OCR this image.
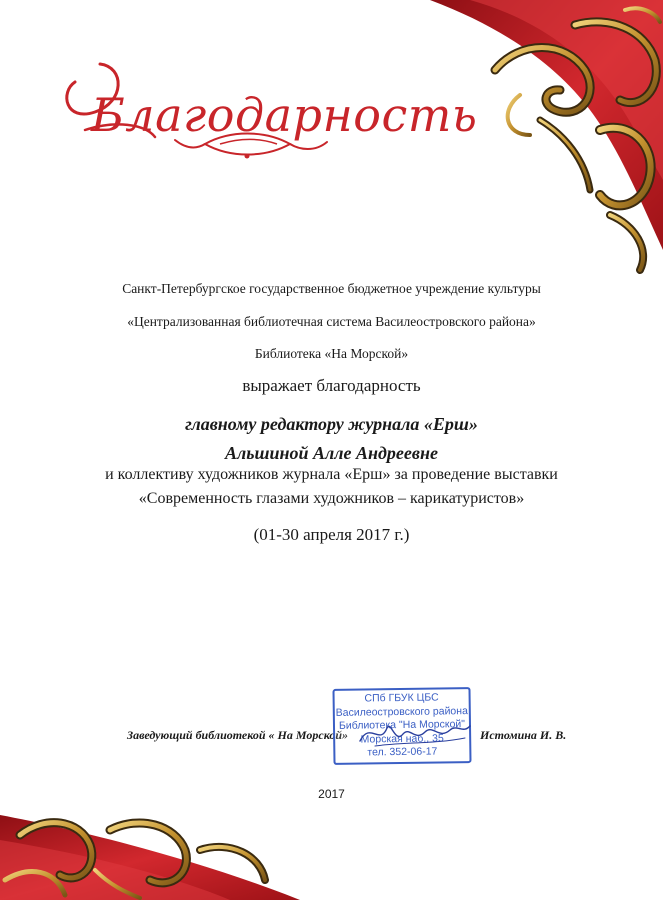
Благодарность
Санкт-Петербургское государственное бюджетное учреждение культуры
«Централизованная библиотечная система Василеостровского района»
Библиотека «На Морской»
выражает благодарность
главному редактору журнала «Ерш»
Альшиной Алле Андреевне
и коллективу художников журнала «Ерш» за проведение выставки
«Современность глазами художников – карикатуристов»
(01-30 апреля 2017 г.)
Заведующий библиотекой « На Морской»
СПб ГБУК ЦБС
Василеостровского района
Библиотека "На Морской"
Морская наб., 35
тел. 352-06-17
Истомина И. В.
2017
